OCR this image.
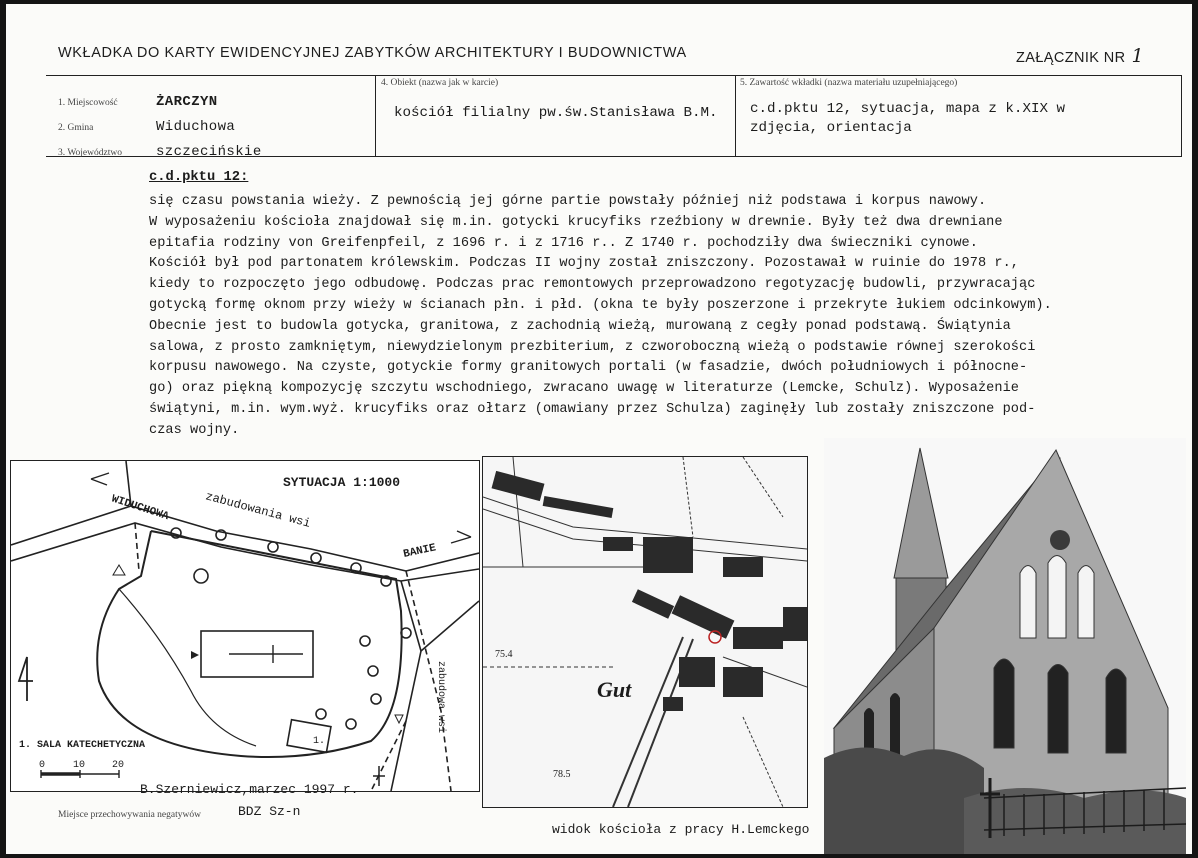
WKŁADKA DO KARTY EWIDENCYJNEJ ZABYTKÓW ARCHITEKTURY I BUDOWNICTWA	ZAŁĄCZNIK NR 1
1. Miejscowość	ŻARCZYN
2. Gmina	Widuchowa
3. Województwo szczecińskie
4. Obiekt (nazwa jak w karcie)
kościół filialny pw.św.Stanisława B.M.
5. Zawartość wkładki (nazwa materiału uzupełniającego)
c.d.pktu 12, sytuacja, mapa z k.XIX w
zdjęcia, orientacja
c.d.pktu 12:
się czasu powstania wieży. Z pewnością jej górne partie powstały później niż podstawa i korpus nawowy.
W wyposażeniu kościoła znajdował się m.in. gotycki krucyfiks rzeźbiony w drewnie. Były też dwa drewniane
epitafia rodziny von Greifenpfeil, z 1696 r. i z 1716 r.. Z 1740 r. pochodziły dwa świeczniki cynowe.
Kościół był pod partonatem królewskim. Podczas II wojny został zniszczony. Pozostawał w ruinie do 1978 r.,
kiedy to rozpoczęto jego odbudowę. Podczas prac remontowych przeprowadzono regotyzację budowli, przywracając
gotycką formę oknom przy wieży w ścianach płn. i płd. (okna te były poszerzone i przekryte łukiem odcinkowym).
Obecnie jest to budowla gotycka, granitowa, z zachodnią wieżą, murowaną z cegły ponad podstawą. Świątynia
salowa, z prosto zamkniętym, niewydzielonym prezbiterium, z czworoboczną wieżą o podstawie równej szerokości
korpusu nawowego. Na czyste, gotyckie formy granitowych portali (w fasadzie, dwóch południowych i północne-
go) oraz piękną kompozycję szczytu wschodniego, zwracano uwagę w literaturze (Lemcke, Schulz). Wyposażenie
świątyni, m.in. wym.wyż. krucyfiks oraz ołtarz (omawiany przez Schulza) zaginęły lub zostały zniszczone pod-
czas wojny.
SYTUACJA 1:1000
WIDUCHOWA	zabudowania wsi
BANIE
zabudowa wsi
1. SALA KATECHETYCZNA	1.
0	10	20
B.Szerniewicz,marzec 1997 r.
Gut
75.4
78.5
Miejsce przechowywania negatywów	BDZ Sz-n
widok kościoła z pracy H.Lemckego
